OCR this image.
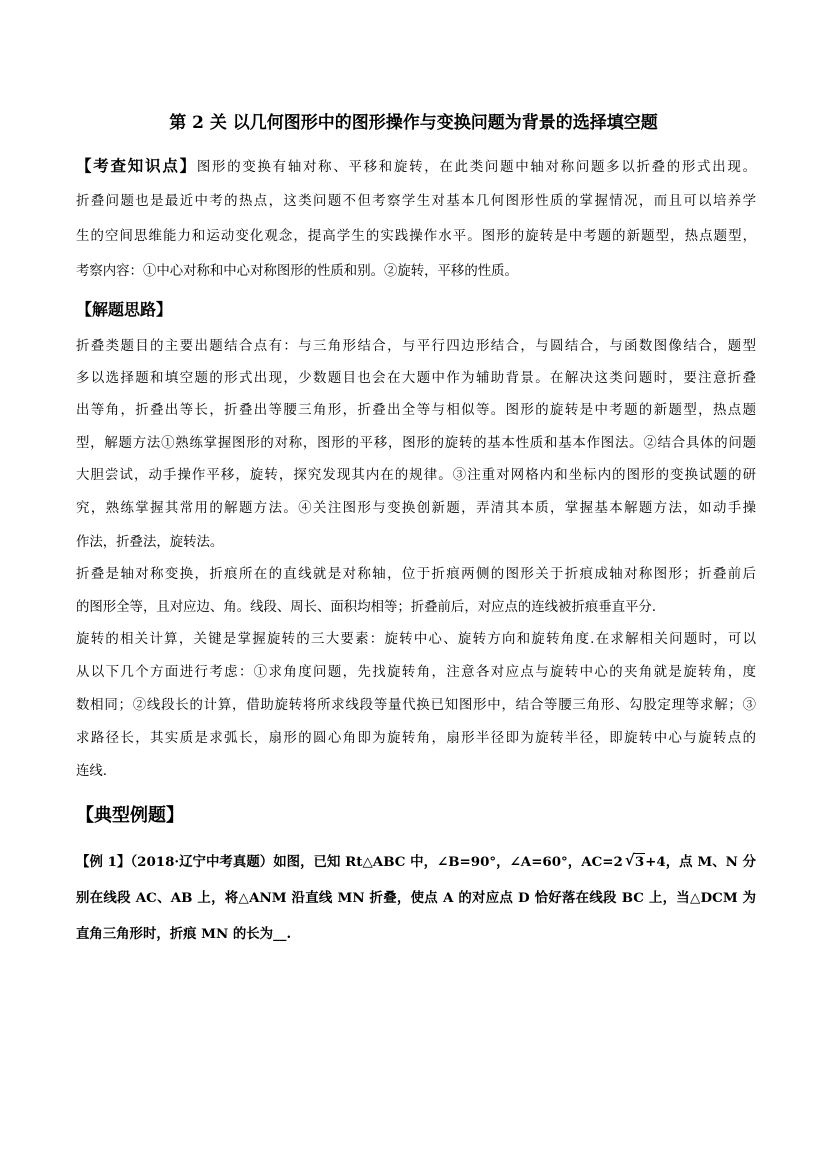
第 2 关 以几何图形中的图形操作与变换问题为背景的选择填空题
【考查知识点】图形的变换有轴对称、平移和旋转，在此类问题中轴对称问题多以折叠的形式出现。
折叠问题也是最近中考的热点，这类问题不但考察学生对基本几何图形性质的掌握情况，而且可以培养学
生的空间思维能力和运动变化观念，提高学生的实践操作水平。图形的旋转是中考题的新题型，热点题型，
考察内容：①中心对称和中心对称图形的性质和别。②旋转，平移的性质。
【解题思路】
折叠类题目的主要出题结合点有：与三角形结合，与平行四边形结合，与圆结合，与函数图像结合，题型
多以选择题和填空题的形式出现，少数题目也会在大题中作为辅助背景。在解决这类问题时，要注意折叠
出等角，折叠出等长，折叠出等腰三角形，折叠出全等与相似等。图形的旋转是中考题的新题型，热点题
型，解题方法①熟练掌握图形的对称，图形的平移，图形的旋转的基本性质和基本作图法。②结合具体的问题
大胆尝试，动手操作平移，旋转，探究发现其内在的规律。③注重对网格内和坐标内的图形的变换试题的研
究，熟练掌握其常用的解题方法。④关注图形与变换创新题，弄清其本质，掌握基本解题方法，如动手操
作法，折叠法，旋转法。
折叠是轴对称变换，折痕所在的直线就是对称轴，位于折痕两侧的图形关于折痕成轴对称图形；折叠前后
的图形全等，且对应边、角。线段、周长、面积均相等；折叠前后，对应点的连线被折痕垂直平分.
旋转的相关计算，关键是掌握旋转的三大要素：旋转中心、旋转方向和旋转角度.在求解相关问题时，可以
从以下几个方面进行考虑：①求角度问题，先找旋转角，注意各对应点与旋转中心的夹角就是旋转角，度
数相同；②线段长的计算，借助旋转将所求线段等量代换已知图形中，结合等腰三角形、勾股定理等求解；③
求路径长，其实质是求弧长，扇形的圆心角即为旋转角，扇形半径即为旋转半径，即旋转中心与旋转点的
连线.
【典型例题】
【例 1】（2018·辽宁中考真题）如图，已知 Rt△ABC 中，∠B=90°，∠A=60°，AC=2 √ 3+4，点 M、N 分
别在线段 AC、AB 上，将△ANM 沿直线 MN 折叠，使点 A 的对应点 D 恰好落在线段 BC 上，当△DCM 为
直角三角形时，折痕 MN 的长为__.
